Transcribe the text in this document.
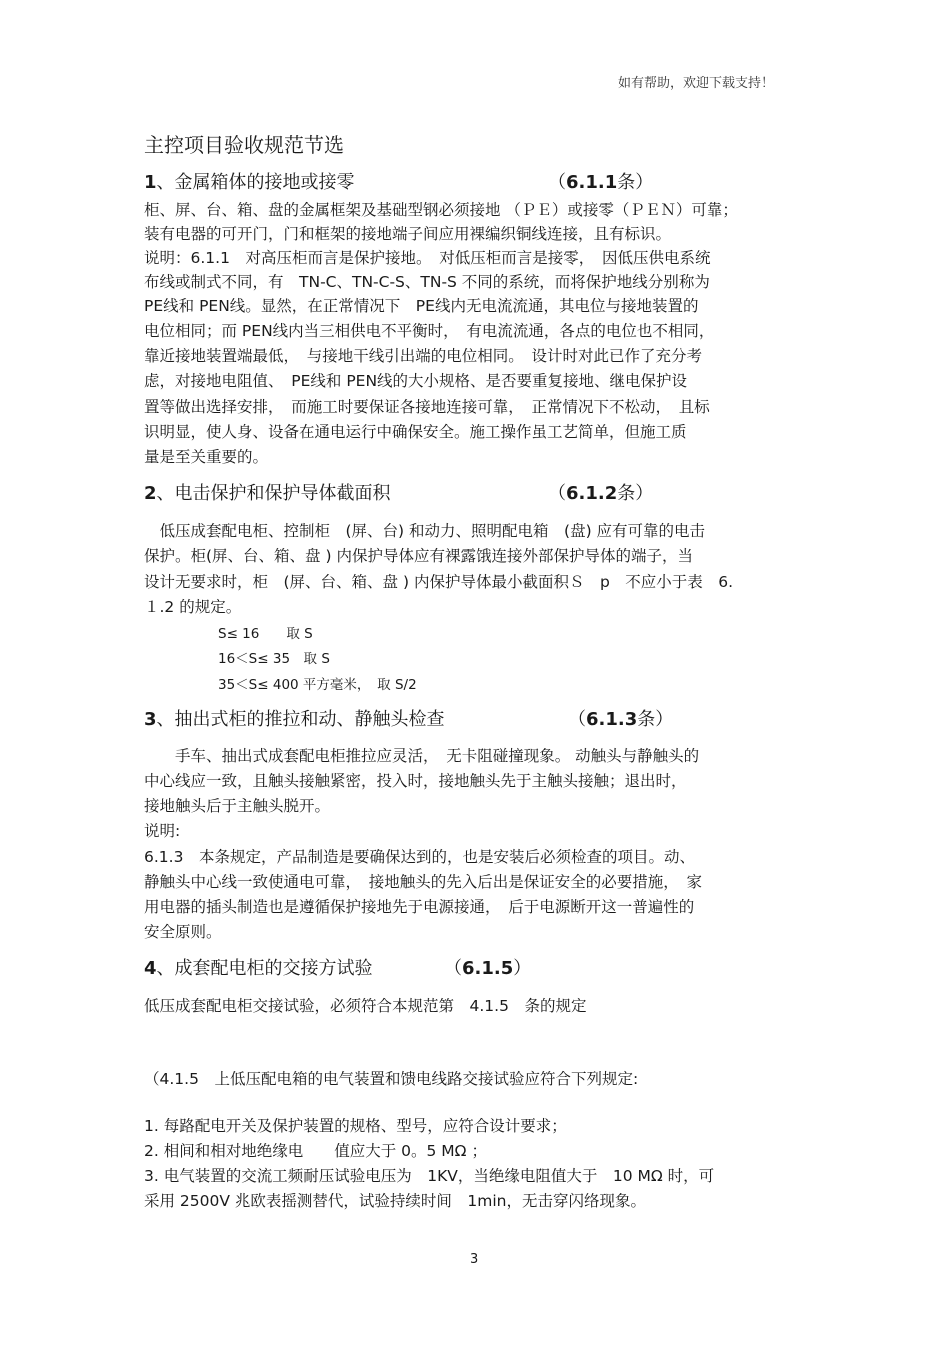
如有帮助，欢迎下载支持！
主控项目验收规范节选
1、金属箱体的接地或接零	（6.1.1条）
柜、屏、台、箱、盘的金属框架及基础型钢必须接地 （ＰＥ）或接零（ＰＥＮ）可靠；
装有电器的可开门，门和框架的接地端子间应用裸编织铜线连接，且有标识。
说明：6.1.1　对高压柜而言是保护接地。　对低压柜而言是接零，　因低压供电系统
布线或制式不同，有　TN-C、TN-C-S、TN-S 不同的系统，而将保护地线分别称为
PE线和 PEN线。显然，在正常情况下　PE线内无电流流通，其电位与接地装置的
电位相同；而 PEN线内当三相供电不平衡时，　有电流流通，各点的电位也不相同，
靠近接地装置端最低，　与接地干线引出端的电位相同。　设计时对此已作了充分考
虑，对接地电阻值、　PE线和 PEN线的大小规格、是否要重复接地、继电保护设
置等做出选择安排，　而施工时要保证各接地连接可靠，　正常情况下不松动，　且标
识明显，使人身、设备在通电运行中确保安全。施工操作虽工艺简单，但施工质
量是至关重要的。
2、电击保护和保护导体截面积	（6.1.2条）
　低压成套配电柜、控制柜　(屏、台) 和动力、照明配电箱　(盘) 应有可靠的电击
保护。柜(屏、台、箱、盘 ) 内保护导体应有裸露饿连接外部保护导体的端子，当
设计无要求时，柜　(屏、台、箱、盘 ) 内保护导体最小截面积Ｓ　p　不应小于表　6.
１.2 的规定。
S≤ 16　　取 S
16＜S≤ 35　取 S
35＜S≤ 400 平方毫米，　取 S/2
3、抽出式柜的推拉和动、静触头检查	（6.1.3条）
　　手车、抽出式成套配电柜推拉应灵活，　无卡阻碰撞现象。 动触头与静触头的
中心线应一致，且触头接触紧密，投入时，接地触头先于主触头接触；退出时，
接地触头后于主触头脱开。
说明:
6.1.3　本条规定，产品制造是要确保达到的，也是安装后必须检查的项目。动、
静触头中心线一致使通电可靠，　接地触头的先入后出是保证安全的必要措施，　家
用电器的插头制造也是遵循保护接地先于电源接通，　后于电源断开这一普遍性的
安全原则。
4、成套配电柜的交接方试验	（6.1.5）
低压成套配电柜交接试验，必须符合本规范第　4.1.5　条的规定
（4.1.5　上低压配电箱的电气装置和馈电线路交接试验应符合下列规定:
1. 每路配电开关及保护装置的规格、型号，应符合设计要求；
2. 相间和相对地绝缘电　　值应大于 0。5 MΩ ；
3. 电气装置的交流工频耐压试验电压为　1KV，当绝缘电阻值大于　10 MΩ 时，可
采用 2500V 兆欧表摇测替代，试验持续时间　1min，无击穿闪络现象。
3
